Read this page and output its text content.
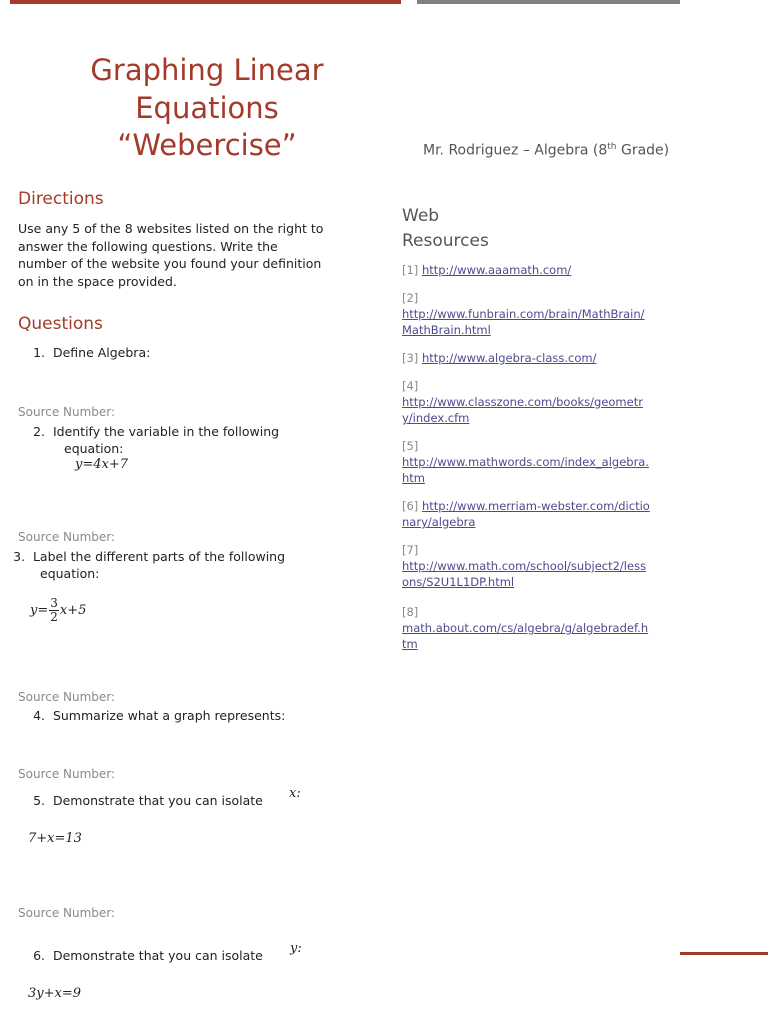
Graphing Linear
Equations
“Webercise”	Mr. Rodriguez – Algebra (8th Grade)
Directions
Use any 5 of the 8 websites listed on the right to answer the following questions. Write the number of the website you found your definition on in the space provided.
Questions
1. Define Algebra:
Source Number:
2. Identify the variable in the following
equation:
y=4x+7
Source Number:
3. Label the different parts of the following
equation:
$y= \frac{3}{2} x+5$
Source Number:
4. Summarize what a graph represents:
Source Number:
5. Demonstrate that you can isolate x:
7+x=13
Source Number:
6. Demonstrate that you can isolate y:
3y+x=9
Web
Resources
[1] http://www.aaamath.com/
[2]
http://www.funbrain.com/brain/MathBrain/MathBrain.html
[3] http://www.algebra-class.com/
[4]
http://www.classzone.com/books/geometry/index.cfm
[5]
http://www.mathwords.com/index_algebra.htm
[6] http://www.merriam-webster.com/dictionary/algebra
[7]
http://www.math.com/school/subject2/lessons/S2U1L1DP.html
[8]
math.about.com/cs/algebra/g/algebradef.htm
